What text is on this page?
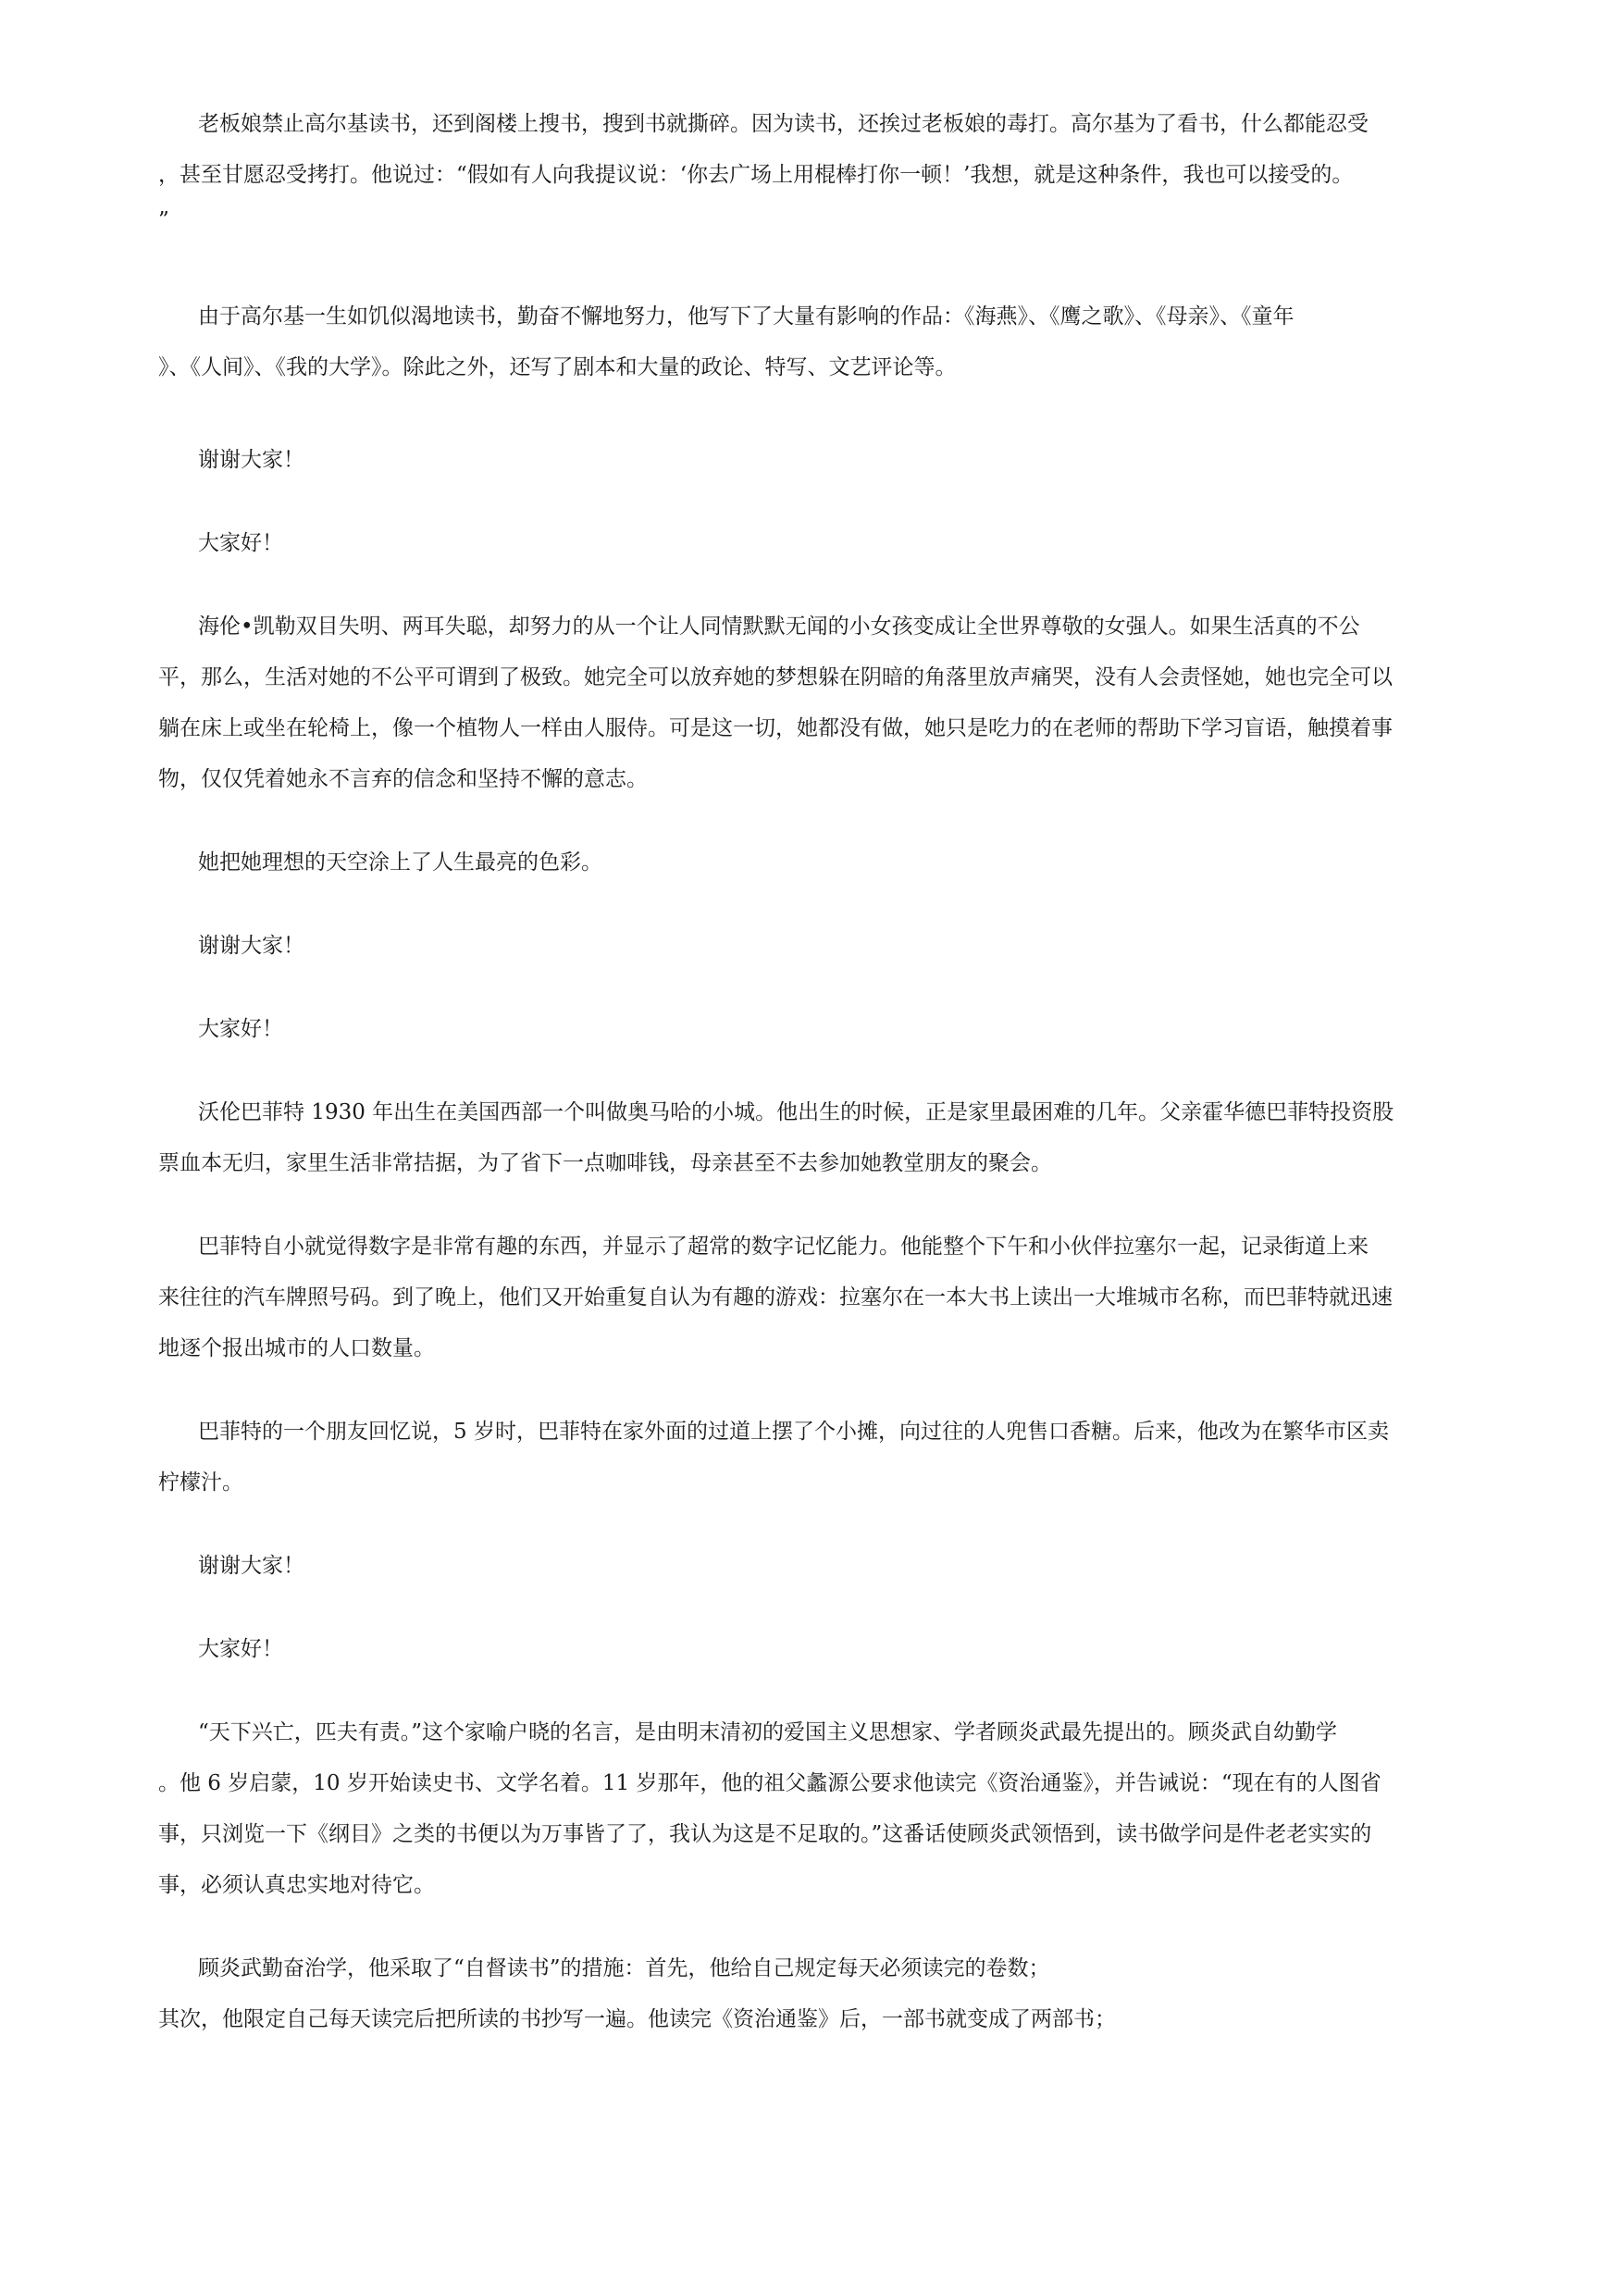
老板娘禁止高尔基读书，还到阁楼上搜书，搜到书就撕碎。因为读书，还挨过老板娘的毒打。高尔基为了看书，什么都能忍受
，甚至甘愿忍受拷打。他说过：“假如有人向我提议说：‘你去广场上用棍棒打你一顿！’我想，就是这种条件，我也可以接受的。
”
由于高尔基一生如饥似渴地读书，勤奋不懈地努力，他写下了大量有影响的作品：《海燕》、《鹰之歌》、《母亲》、《童年
》、《人间》、《我的大学》。除此之外，还写了剧本和大量的政论、特写、文艺评论等。
谢谢大家！
大家好！
海伦•凯勒双目失明、两耳失聪，却努力的从一个让人同情默默无闻的小女孩变成让全世界尊敬的女强人。如果生活真的不公
平，那么，生活对她的不公平可谓到了极致。她完全可以放弃她的梦想躲在阴暗的角落里放声痛哭，没有人会责怪她，她也完全可以
躺在床上或坐在轮椅上，像一个植物人一样由人服侍。可是这一切，她都没有做，她只是吃力的在老师的帮助下学习盲语，触摸着事
物，仅仅凭着她永不言弃的信念和坚持不懈的意志。
她把她理想的天空涂上了人生最亮的色彩。
谢谢大家！
大家好！
沃伦巴菲特 1930 年出生在美国西部一个叫做奥马哈的小城。他出生的时候，正是家里最困难的几年。父亲霍华德巴菲特投资股
票血本无归，家里生活非常拮据，为了省下一点咖啡钱，母亲甚至不去参加她教堂朋友的聚会。
巴菲特自小就觉得数字是非常有趣的东西，并显示了超常的数字记忆能力。他能整个下午和小伙伴拉塞尔一起，记录街道上来
来往往的汽车牌照号码。到了晚上，他们又开始重复自认为有趣的游戏：拉塞尔在一本大书上读出一大堆城市名称，而巴菲特就迅速
地逐个报出城市的人口数量。
巴菲特的一个朋友回忆说，5 岁时，巴菲特在家外面的过道上摆了个小摊，向过往的人兜售口香糖。后来，他改为在繁华市区卖
柠檬汁。
谢谢大家！
大家好！
“天下兴亡，匹夫有责。”这个家喻户晓的名言，是由明末清初的爱国主义思想家、学者顾炎武最先提出的。顾炎武自幼勤学
。他 6 岁启蒙，10 岁开始读史书、文学名着。11 岁那年，他的祖父蠡源公要求他读完《资治通鉴》，并告诫说：“现在有的人图省
事，只浏览一下《纲目》之类的书便以为万事皆了了，我认为这是不足取的。”这番话使顾炎武领悟到，读书做学问是件老老实实的
事，必须认真忠实地对待它。
顾炎武勤奋治学，他采取了“自督读书”的措施：首先，他给自己规定每天必须读完的卷数；
其次，他限定自己每天读完后把所读的书抄写一遍。他读完《资治通鉴》后，一部书就变成了两部书；
